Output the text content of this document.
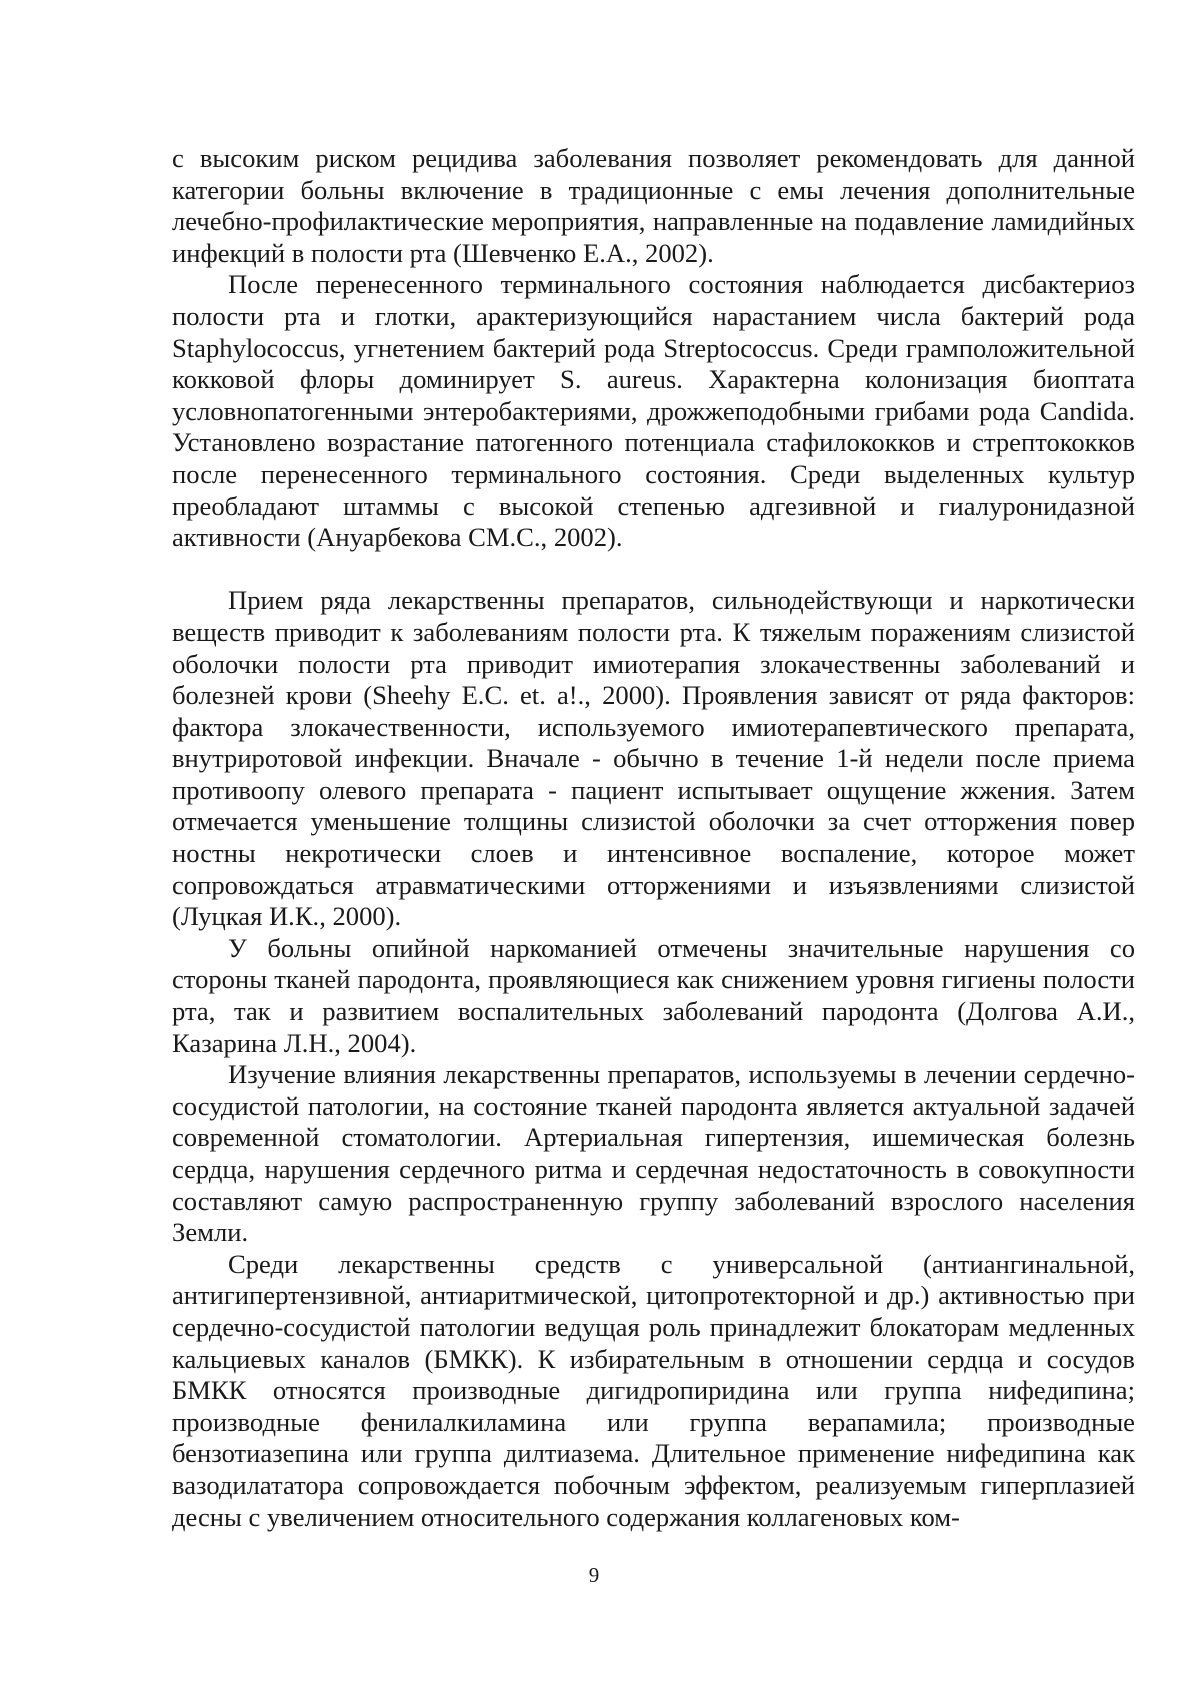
с высоким риском рецидива заболевания позволяет рекомендовать для данной категории больны включение в традиционные с емы лечения дополнительные лечебно-профилактические мероприятия, направленные на подавление ламидийных инфекций в полости рта (Шевченко Е.А., 2002).

После перенесенного терминального состояния наблюдается дисбактериоз полости рта и глотки, арактеризующийся нарастанием числа бактерий рода Staphylococcus, угнетением бактерий рода Streptococcus. Среди грамположительной кокковой флоры доминирует S. aureus. Характерна колонизация биоптата условнопатогенными энтеробактериями, дрожжеподобными грибами рода Candida. Установлено возрастание патогенного потенциала стафилококков и стрептококков после перенесенного терминального состояния. Среди выделенных культур преобладают штаммы с высокой степенью адгезивной и гиалуронидазной активности (Ануарбекова СМ.С., 2002).

Прием ряда лекарственны препаратов, сильнодействующи и наркотически веществ приводит к заболеваниям полости рта. К тяжелым поражениям слизистой оболочки полости рта приводит имиотерапия злокачественны заболеваний и болезней крови (Sheehy E.C. et. a!., 2000). Проявления зависят от ряда факторов: фактора злокачественности, используемого имиотерапевтического препарата, внутриротовой инфекции. Вначале - обычно в течение 1-й недели после приема противоопу олевого препарата - пациент испытывает ощущение жжения. Затем отмечается уменьшение толщины слизистой оболочки за счет отторжения повер ностны некротически слоев и интенсивное воспаление, которое может сопровождаться атравматическими отторжениями и изъязвлениями слизистой (Луцкая И.К., 2000).

У больны опийной наркоманией отмечены значительные нарушения со стороны тканей пародонта, проявляющиеся как снижением уровня гигиены полости рта, так и развитием воспалительных заболеваний пародонта (Долгова А.И., Казарина Л.Н., 2004).

Изучение влияния лекарственны препаратов, используемы в лечении сердечно-сосудистой патологии, на состояние тканей пародонта является актуальной задачей современной стоматологии. Артериальная гипертензия, ишемическая болезнь сердца, нарушения сердечного ритма и сердечная недостаточность в совокупности составляют самую распространенную группу заболеваний взрослого населения Земли.

Среди лекарственны средств с универсальной (антиангинальной, антигипертензивной, антиаритмической, цитопротекторной и др.) активностью при сердечно-сосудистой патологии ведущая роль принадлежит блокаторам медленных кальциевых каналов (БМКК). К избирательным в отношении сердца и сосудов БМКК относятся производные дигидропиридина или группа нифедипина; производные фенилалкиламина или группа верапамила; производные бензотиазепина или группа дилтиазема. Длительное применение нифедипина как вазодилататора сопровождается побочным эффектом, реализуемым гиперплазией десны с увеличением относительного содержания коллагеновых ком-

9
